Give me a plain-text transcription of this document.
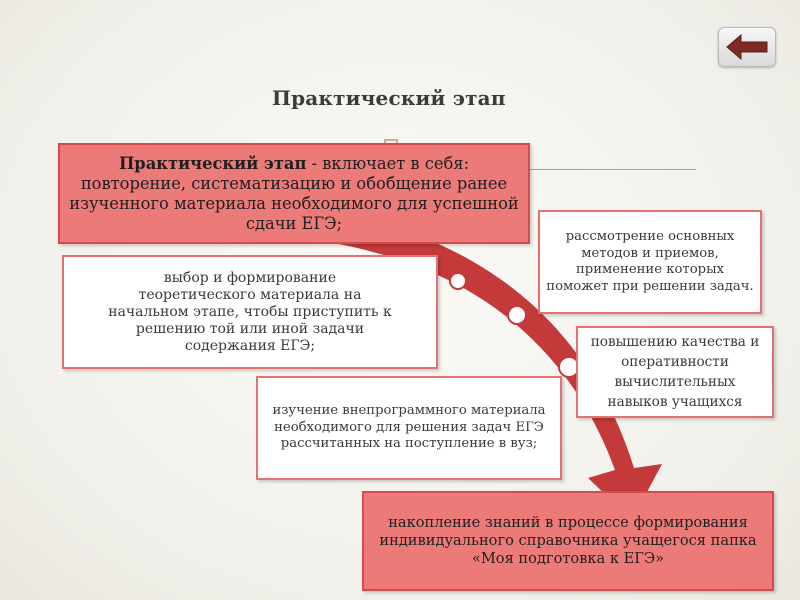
Практический этап
Практический этап - включает в себя: повторение, систематизацию и обобщение ранее изученного материала необходимого для успешной сдачи ЕГЭ;
рассмотрение основных методов и приемов, применение которых поможет при решении задач.
выбор и формирование теоретического материала на начальном этапе, чтобы приступить к решению той или иной задачи содержания ЕГЭ;	повышению качества и оперативности вычислительных навыков учащихся
изучение внепрограммного материала необходимого для решения задач ЕГЭ рассчитанных на поступление в вуз;
накопление знаний в процессе формирования индивидуального справочника учащегося папка «Моя подготовка к ЕГЭ»
